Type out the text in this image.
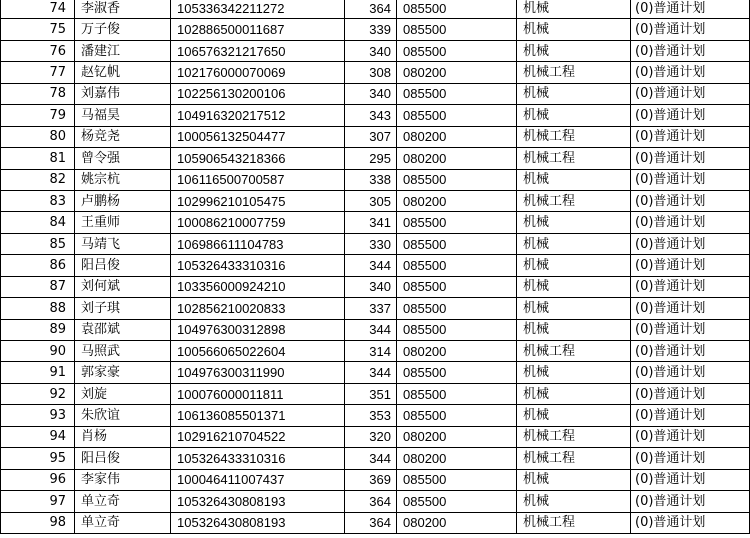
74	李淑香	105336342211272	364	085500	机械	(0)普通计划
75	万子俊	102886500011687	339	085500	机械	(0)普通计划
76	潘建江	106576321217650	340	085500	机械	(0)普通计划
77	赵钇帆	102176000070069	308	080200	机械工程	(0)普通计划
78	刘嘉伟	102256130200106	340	085500	机械	(0)普通计划
79	马福昊	104916320217512	343	085500	机械	(0)普通计划
80	杨竞尧	100056132504477	307	080200	机械工程	(0)普通计划
81	曾令强	105906543218366	295	080200	机械工程	(0)普通计划
82	姚宗杭	106116500700587	338	085500	机械	(0)普通计划
83	卢鹏杨	102996210105475	305	080200	机械工程	(0)普通计划
84	王重师	100086210007759	341	085500	机械	(0)普通计划
85	马靖飞	106986611104783	330	085500	机械	(0)普通计划
86	阳吕俊	105326433310316	344	085500	机械	(0)普通计划
87	刘何斌	103356000924210	340	085500	机械	(0)普通计划
88	刘子琪	102856210020833	337	085500	机械	(0)普通计划
89	袁邵斌	104976300312898	344	085500	机械	(0)普通计划
90	马照武	100566065022604	314	080200	机械工程	(0)普通计划
91	郭家豪	104976300311990	344	085500	机械	(0)普通计划
92	刘旋	100076000011811	351	085500	机械	(0)普通计划
93	朱欣谊	106136085501371	353	085500	机械	(0)普通计划
94	肖杨	102916210704522	320	080200	机械工程	(0)普通计划
95	阳吕俊	105326433310316	344	080200	机械工程	(0)普通计划
96	李家伟	100046411007437	369	085500	机械	(0)普通计划
97	单立奇	105326430808193	364	085500	机械	(0)普通计划
98	单立奇	105326430808193	364	080200	机械工程	(0)普通计划
